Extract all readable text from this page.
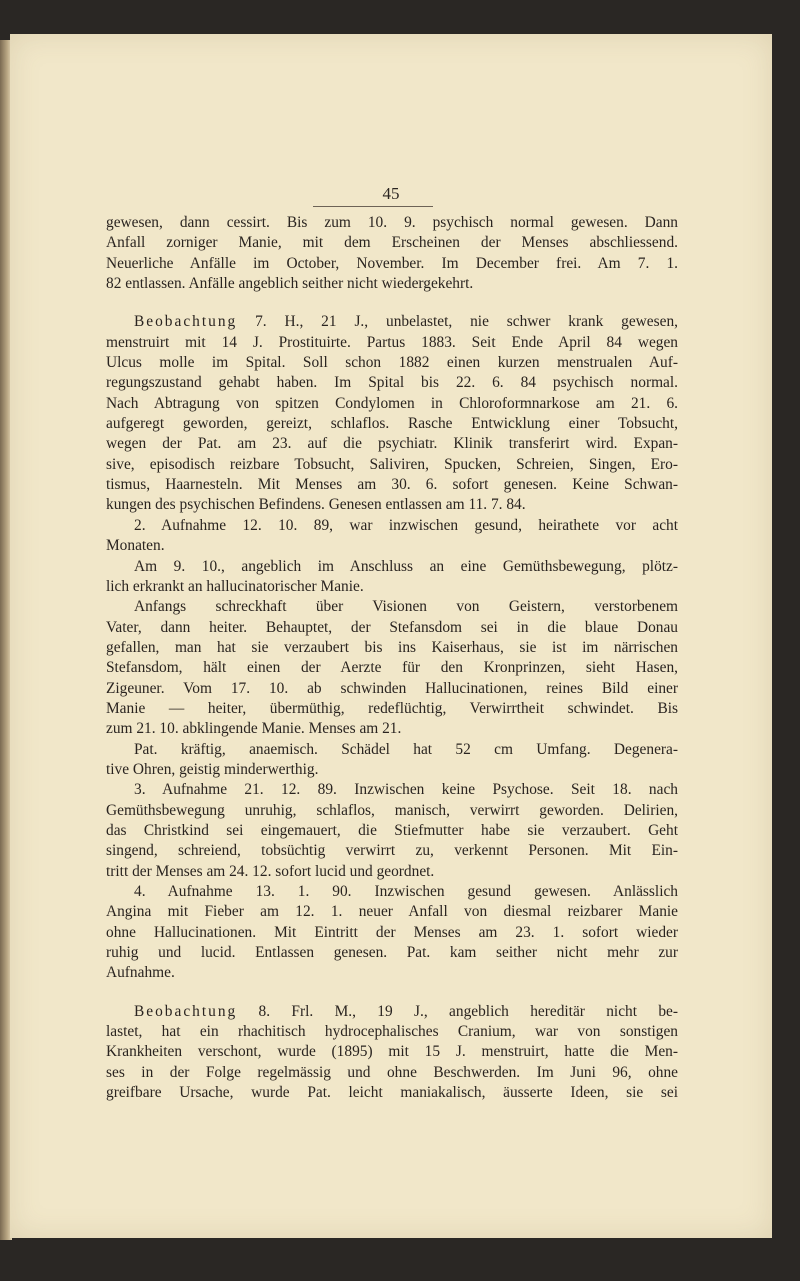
45
gewesen, dann cessirt. Bis zum 10. 9. psychisch normal gewesen. Dann
Anfall zorniger Manie, mit dem Erscheinen der Menses abschliessend.
Neuerliche Anfälle im October, November. Im December frei. Am 7. 1.
82 entlassen. Anfälle angeblich seither nicht wiedergekehrt.
Beobachtung 7. H., 21 J., unbelastet, nie schwer krank gewesen,
menstruirt mit 14 J. Prostituirte. Partus 1883. Seit Ende April 84 wegen
Ulcus molle im Spital. Soll schon 1882 einen kurzen menstrualen Auf-
regungszustand gehabt haben. Im Spital bis 22. 6. 84 psychisch normal.
Nach Abtragung von spitzen Condylomen in Chloroformnarkose am 21. 6.
aufgeregt geworden, gereizt, schlaflos. Rasche Entwicklung einer Tobsucht,
wegen der Pat. am 23. auf die psychiatr. Klinik transferirt wird. Expan-
sive, episodisch reizbare Tobsucht, Saliviren, Spucken, Schreien, Singen, Ero-
tismus, Haarnesteln. Mit Menses am 30. 6. sofort genesen. Keine Schwan-
kungen des psychischen Befindens. Genesen entlassen am 11. 7. 84.
2. Aufnahme 12. 10. 89, war inzwischen gesund, heirathete vor acht
Monaten.
Am 9. 10., angeblich im Anschluss an eine Gemüthsbewegung, plötz-
lich erkrankt an hallucinatorischer Manie.
Anfangs schreckhaft über Visionen von Geistern, verstorbenem
Vater, dann heiter. Behauptet, der Stefansdom sei in die blaue Donau
gefallen, man hat sie verzaubert bis ins Kaiserhaus, sie ist im närrischen
Stefansdom, hält einen der Aerzte für den Kronprinzen, sieht Hasen,
Zigeuner. Vom 17. 10. ab schwinden Hallucinationen, reines Bild einer
Manie — heiter, übermüthig, redeflüchtig, Verwirrtheit schwindet. Bis
zum 21. 10. abklingende Manie. Menses am 21.
Pat. kräftig, anaemisch. Schädel hat 52 cm Umfang. Degenera-
tive Ohren, geistig minderwerthig.
3. Aufnahme 21. 12. 89. Inzwischen keine Psychose. Seit 18. nach
Gemüthsbewegung unruhig, schlaflos, manisch, verwirrt geworden. Delirien,
das Christkind sei eingemauert, die Stiefmutter habe sie verzaubert. Geht
singend, schreiend, tobsüchtig verwirrt zu, verkennt Personen. Mit Ein-
tritt der Menses am 24. 12. sofort lucid und geordnet.
4. Aufnahme 13. 1. 90. Inzwischen gesund gewesen. Anlässlich
Angina mit Fieber am 12. 1. neuer Anfall von diesmal reizbarer Manie
ohne Hallucinationen. Mit Eintritt der Menses am 23. 1. sofort wieder
ruhig und lucid. Entlassen genesen. Pat. kam seither nicht mehr zur
Aufnahme.
Beobachtung 8. Frl. M., 19 J., angeblich hereditär nicht be-
lastet, hat ein rhachitisch hydrocephalisches Cranium, war von sonstigen
Krankheiten verschont, wurde (1895) mit 15 J. menstruirt, hatte die Men-
ses in der Folge regelmässig und ohne Beschwerden. Im Juni 96, ohne
greifbare Ursache, wurde Pat. leicht maniakalisch, äusserte Ideen, sie sei
